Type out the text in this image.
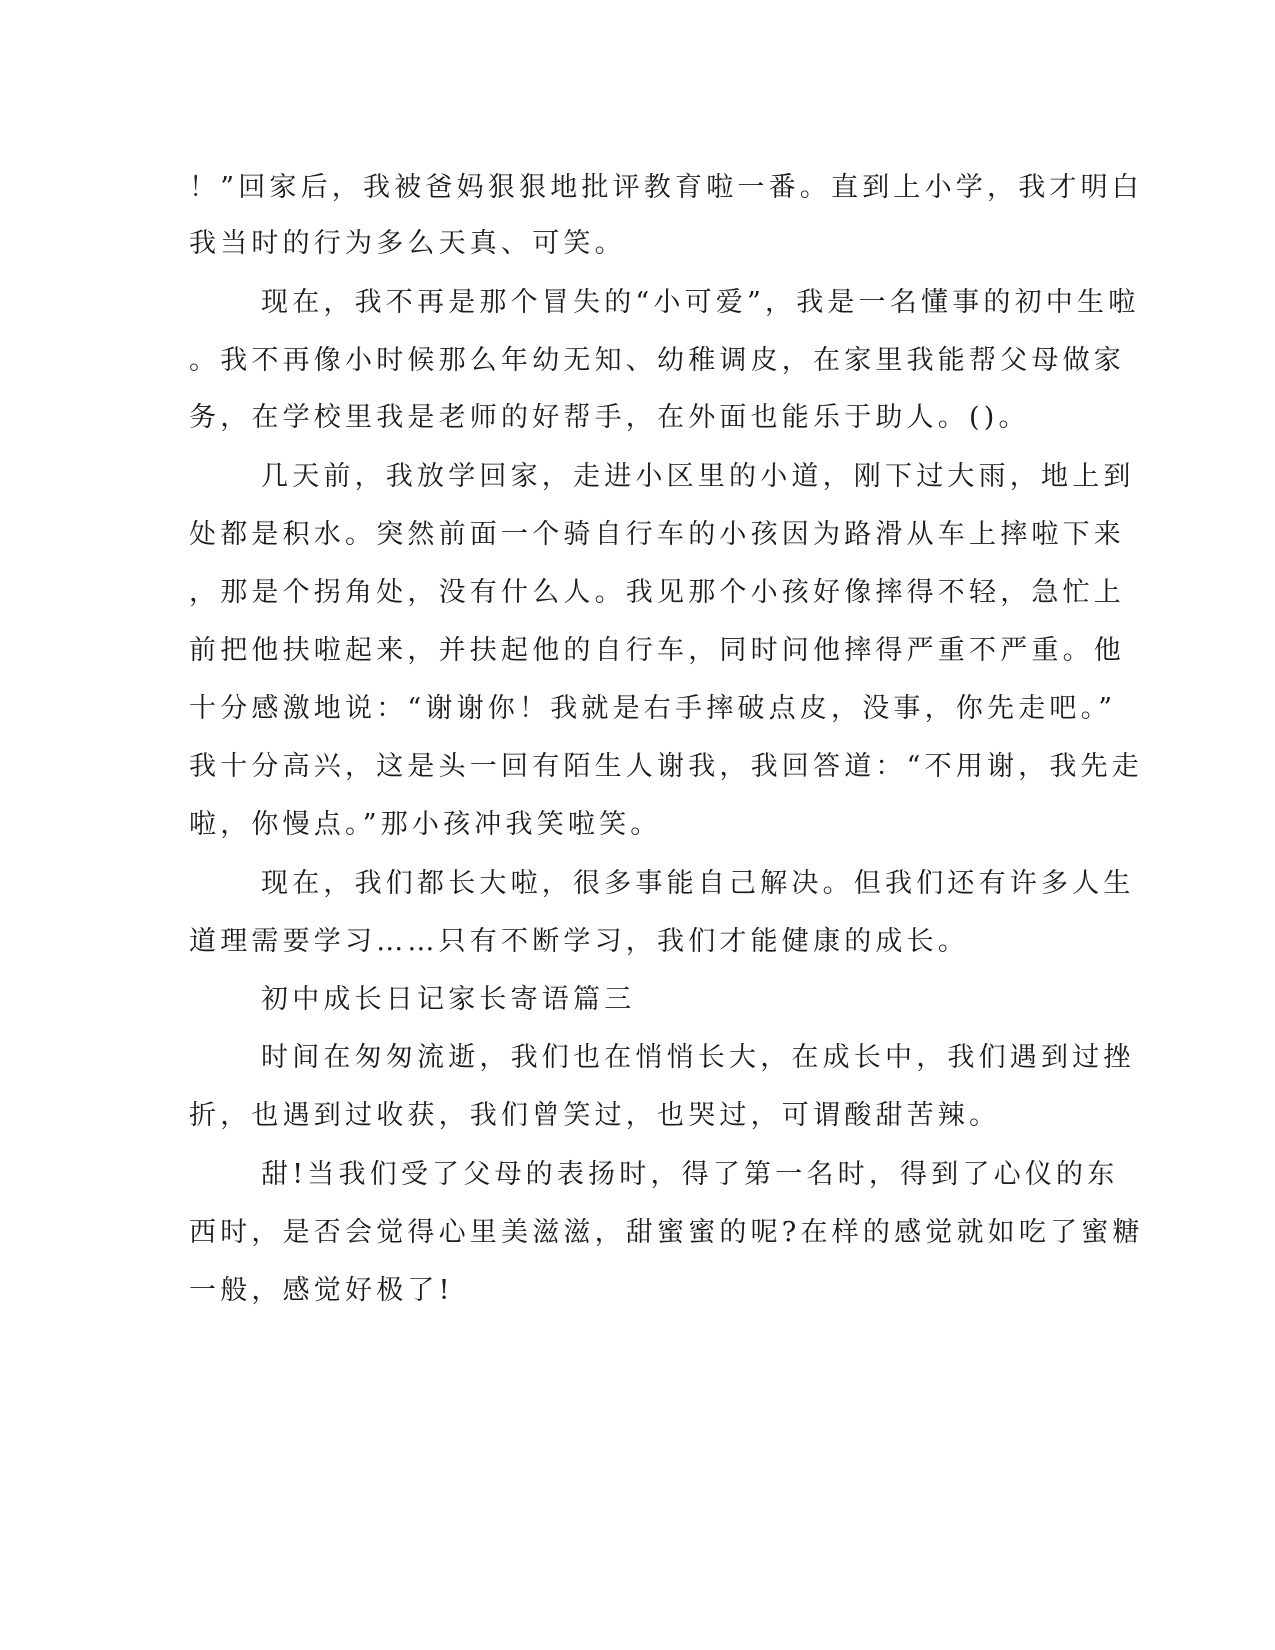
！”回家后，我被爸妈狠狠地批评教育啦一番。直到上小学，我才明白

我当时的行为多么天真、可笑。

现在，我不再是那个冒失的“小可爱”，我是一名懂事的初中生啦

。我不再像小时候那么年幼无知、幼稚调皮，在家里我能帮父母做家

务，在学校里我是老师的好帮手，在外面也能乐于助人。()。

几天前，我放学回家，走进小区里的小道，刚下过大雨，地上到

处都是积水。突然前面一个骑自行车的小孩因为路滑从车上摔啦下来

，那是个拐角处，没有什么人。我见那个小孩好像摔得不轻，急忙上

前把他扶啦起来，并扶起他的自行车，同时问他摔得严重不严重。他

十分感激地说：“谢谢你！我就是右手摔破点皮，没事，你先走吧。”

我十分高兴，这是头一回有陌生人谢我，我回答道：“不用谢，我先走

啦，你慢点。”那小孩冲我笑啦笑。

现在，我们都长大啦，很多事能自己解决。但我们还有许多人生

道理需要学习……只有不断学习，我们才能健康的成长。

初中成长日记家长寄语篇三

时间在匆匆流逝，我们也在悄悄长大，在成长中，我们遇到过挫

折，也遇到过收获，我们曾笑过，也哭过，可谓酸甜苦辣。

甜!当我们受了父母的表扬时，得了第一名时，得到了心仪的东

西时，是否会觉得心里美滋滋，甜蜜蜜的呢?在样的感觉就如吃了蜜糖

一般，感觉好极了!
